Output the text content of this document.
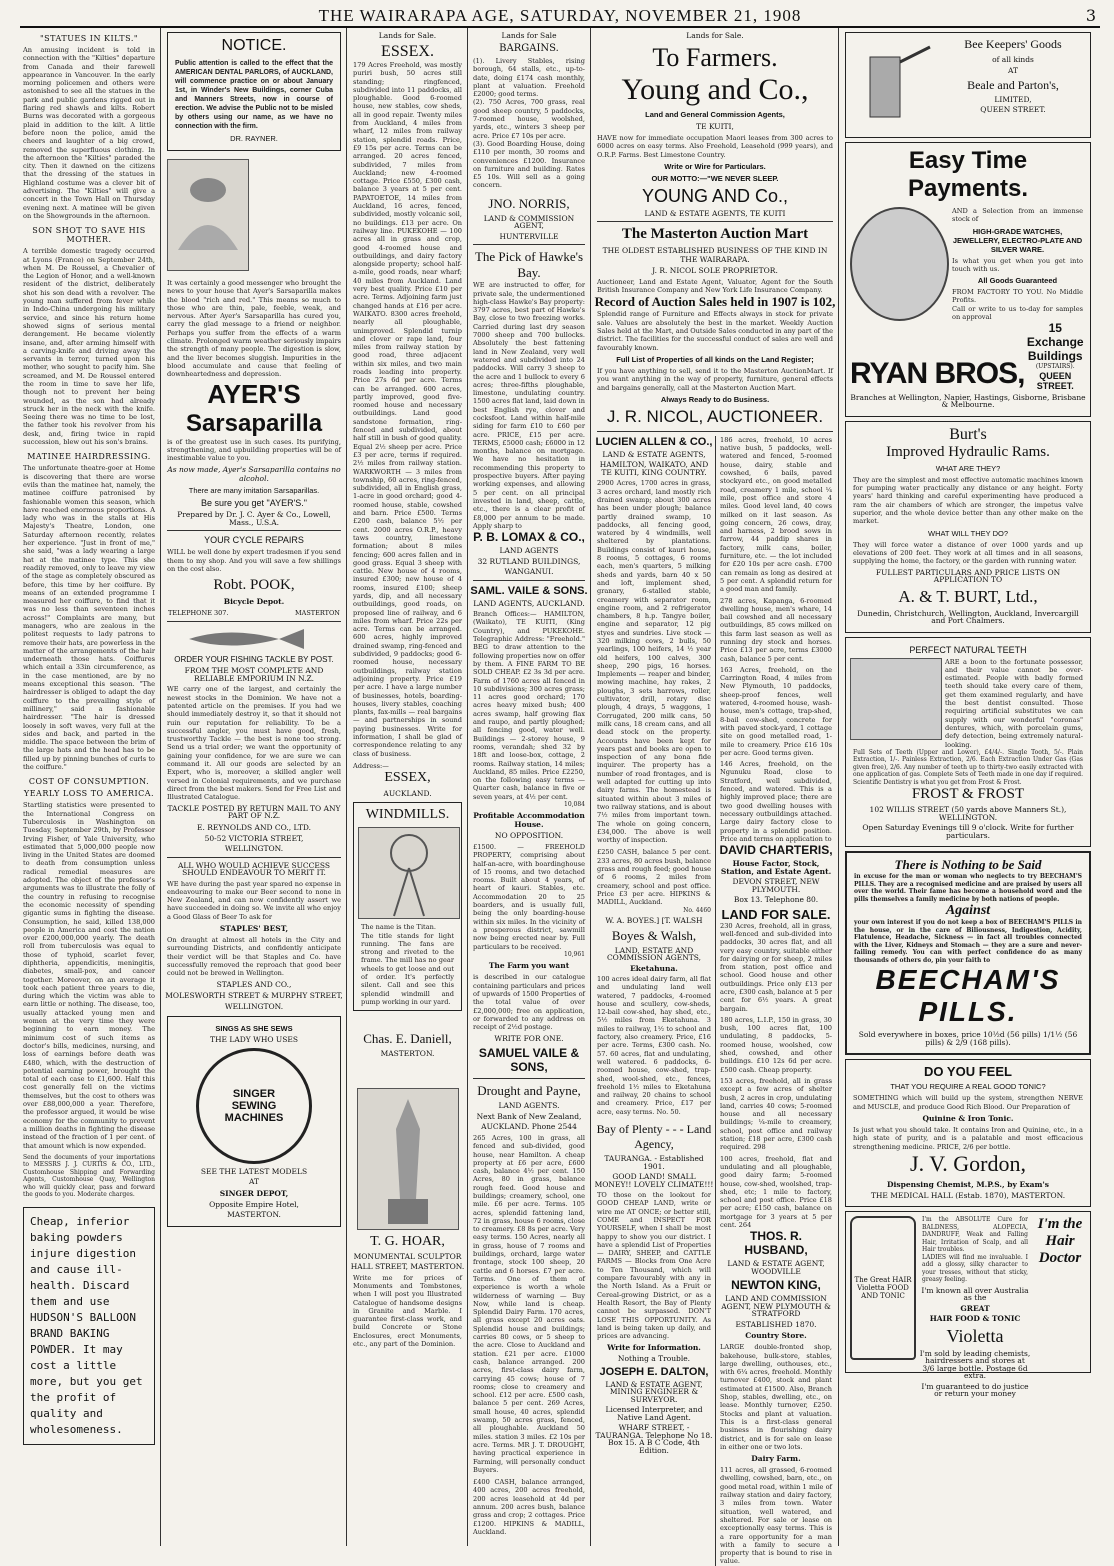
THE WAIRARAPA AGE, SATURDAY, NOVEMBER 21, 1908	3
"STATUES IN KILTS."
An amusing incident is told in connection with the "Kilties" departure from Canada and their farewell appearance in Vancouver. In the early morning policemen and others were astonished to see all the statues in the park and public gardens rigged out in flaring red shawls and kilts. Robert Burns was decorated with a gorgeous plaid in addition to the kilt. A little before noon the police, amid the cheers and laughter of a big crowd, removed the superfluous clothing. In the afternoon the "Kilties" paraded the city. Then it dawned on the citizens that the dressing of the statues in Highland costume was a clever bit of advertising. The "Kilties" will give a concert in the Town Hall on Thursday evening next. A matinee will be given on the Showgrounds in the afternoon.
SON SHOT TO SAVE HIS MOTHER.
A terrible domestic tragedy occurred at Lyons (France) on September 24th, when M. De Roussel, a Chevalier of the Legion of Honor, and a well-known resident of the district, deliberately shot his son dead with a revolver. The young man suffered from fever while in Indo-China undergoing his military service, and since his return home showed signs of serious mental derangement. He became violently insane, and, after arming himself with a carving-knife and driving away the servants in terror, turned upon his mother, who sought to pacify him. She screamed, and M. De Roussel entered the room in time to save her life, though not to prevent her being wounded, as the son had already struck her in the neck with the knife. Seeing there was no time to be lost, the father took his revolver from his desk, and, firing twice in rapid succession, blew out his son's brains.
MATINEE HAIRDRESSING.
The unfortunate theatre-goer at Home is discovering that there are worse evils than the matinee hat, namely, the matinee coiffure patronised by fashionable women this season, which have reached enormous proportions. A lady who was in the stalls at His Majesty's Theatre, London, one Saturday afternoon recently, relates her experience. "Just in front of me," she said, "was a lady wearing a large hat at the matinee type. This she readily removed, only to leave my view of the stage as completely obscured as before, this time by her coiffure. By means of an extended programme I measured her coiffure, to find that it was no less than seventeen inches across!" Complaints are many, but managers, who are zealous in the politest requests to lady patrons to remove their hats, are powerless in the matter of the arrangements of the hair underneath those hats. Coiffures which entail a 33in circumference, as in the case mentioned, are by no means exceptional this season. "The hairdresser is obliged to adapt the day coiffure to the prevailing style of millinery," said a fashionable hairdresser. "The hair is dressed loosely in soft waves, very full at the sides and back, and parted in the middle. The space between the brim of the large hats and the head has to be filled up by pinning bunches of curls to the coiffure."
COST OF CONSUMPTION.
YEARLY LOSS TO AMERICA.
Startling statistics were presented to the International Congress on Tuberculosis in Washington on Tuesday, September 29th, by Professor Irving Fisher, of Yale University, who estimated that 5,000,000 people now living in the United States are doomed to death from consumption unless radical remedial measures are adopted. The object of the professor's arguments was to illustrate the folly of the country in refusing to recognise the economic necessity of spending gigantic sums in fighting the disease. Consumption, he said, killed 138,000 people in America and cost the nation over £200,000,000 yearly. The death roll from tuberculosis was equal to those of typhoid, scarlet fever, diphtheria, appendicitis, meningitis, diabetes, small-pox, and cancer together. Moreover, on an average it took each patient three years to die, during which the victim was able to earn little or nothing. The disease, too, usually attacked young men and women at the very time they were beginning to earn money. The minimum cost of such items as doctor's bills, medicines, nursing, and loss of earnings before death was £480, which, with the destruction of potential earning power, brought the total of each case to £1,600. Half this cost generally fell on the victims themselves, but the cost to others was over £88,000,000 a year. Therefore, the professor argued, it would be wise economy for the community to prevent a million deaths in fighting the disease instead of the fraction of 1 per cent. of that amount which is now expended.
Send the documents of your importations to MESSRS J. J. CURTIS & CO., LTD., Customhouse Shipping and Forwarding Agents, Customhouse Quay, Wellington who will quickly clear, pass and forward the goods to you. Moderate charges.
Cheap, inferior baking powders injure digestion and cause ill-health. Discard them and use HUDSON'S BALLOON BRAND BAKING POWDER. It may cost a little more, but you get the profit of quality and wholesomeness.
NOTICE.
Public attention is called to the effect that the AMERICAN DENTAL PARLORS, of AUCKLAND, will commence practice on or about January 1st, in Winder's New Buildings, corner Cuba and Manners Streets, now in course of erection. We advise the Public not to be misled by others using our name, as we have no connection with the firm.
DR. RAYNER.
It was certainly a good messenger who brought the news to your house that Ayer's Sarsaparilla makes the blood "rich and red." This means so much to those who are thin, pale, feeble, weak, and nervous. After Ayer's Sarsaparilla has cured you, carry the glad message to a friend or neighbor. Perhaps you suffer from the effects of a warm climate. Prolonged warm weather seriously impairs the strength of many people. The digestion is slow, and the liver becomes sluggish. Impurities in the blood accumulate and cause that feeling of downheartedness and depression.
AYER'S
Sarsaparilla
is of the greatest use in such cases. Its purifying, strengthening, and upbuilding properties will be of inestimable value to you.
As now made, Ayer's Sarsaparilla contains no alcohol.
There are many imitation Sarsaparillas.
Be sure you get "AYER'S."
Prepared by Dr. J. C. Ayer & Co., Lowell, Mass., U.S.A.
YOUR CYCLE REPAIRS
WILL be well done by expert tradesmen if you send them to my shop. And you will save a few shillings on the cost also.
Robt. POOK,
Bicycle Depot.
TELEPHONE 307.	MASTERTON
ORDER YOUR FISHING TACKLE BY POST.
FROM THE MOST COMPLETE AND RELIABLE EMPORIUM IN N.Z.
WE carry one of the largest, and certainly the newest stocks in the Dominion. We have not a patented article on the premises. If you had we should immediately destroy it, so that it should not ruin our reputation for reliability. To be a successful angler, you must have good, fresh, trustworthy Tackle — the best is none too strong. Send us a trial order; we want the opportunity of gaining your confidence, for we are sure we can command it. All our goods are selected by an Expert, who is, moreover, a skilled angler well versed in Colonial requirements, and we purchase direct from the best makers. Send for Free List and Illustrated Catalogue.
TACKLE POSTED BY RETURN MAIL TO ANY PART OF N.Z.
E. REYNOLDS AND CO., LTD.
50-52 VICTORIA STREET,
WELLINGTON.
ALL WHO WOULD ACHIEVE SUCCESS SHOULD ENDEAVOUR TO MERIT IT.
WE have during the past year spared no expense in endeavouring to make our Beer second to none in New Zealand, and can now confidently assert we have succeeded in doing so. We invite all who enjoy a Good Glass of Beer To ask for
STAPLES' BEST,
On draught at almost all hotels in the City and surrounding Districts, and confidently anticipate their verdict will be that Staples and Co. have successfully removed the reproach that good beer could not be brewed in Wellington.
STAPLES AND CO.,
MOLESWORTH STREET & MURPHY STREET,
WELLINGTON.
SINGS AS SHE SEWS
THE LADY WHO USES
SINGER SEWING MACHINES
SEE THE LATEST MODELS
AT
SINGER DEPOT,
Opposite Empire Hotel,
MASTERTON.
Lands for Sale.
ESSEX.
179 Acres Freehold, was mostly puriri bush, 50 acres still standing; ringfenced, subdivided into 11 paddocks, all ploughable. Good 6-roomed house, new stables, cow sheds, all in good repair. Twenty miles from Auckland, 4 miles from wharf, 12 miles from railway station, splendid roads. Price, £9 15s per acre. Terms can be arranged. 20 acres fenced, subdivided, 7 miles from Auckland; new 4-roomed cottage. Price £550, £300 cash, balance 3 years at 5 per cent. PAPATOETOE, 14 miles from Auckland, 16 acres, fenced, subdivided, mostly volcanic soil, no buildings. £13 per acre. On railway line. PUKEKOHE — 100 acres all in grass and crop, good 4-roomed house and outbuildings, and dairy factory alongside property; school half-a-mile, good roads, near wharf; 40 miles from Auckland. Land very best quality. Price £10 per acre. Terms. Adjoining farm just changed hands at £16 per acre. WAIKATO. 8300 acres freehold, nearly all ploughable, unimproved. Splendid turnip and clover or rape land, four miles from railway station by good road, three adjacent within six miles, and two main roads leading into property. Price 27s 6d per acre. Terms can be arranged. 600 acres, partly improved, good five-roomed house and necessary outbuildings. Land good sandstone formation, ring-fenced and subdivided, about half still in bush of good quality. Equal 2½ sheep per acre. Price £3 per acre, terms if required. 2½ miles from railway station. WARKWORTH — 3 miles from township, 60 acres, ring-fenced, subdivided, all in English grass, 1-acre in good orchard; good 4-roomed house, stable, cowshed and barn. Price £500. Terms £200 cash, balance 5½ per cent. 2000 acres O.R.P., heavy taws country, limestone formation; about 8 miles fencing; 600 acres fallen and in good grass. Equal 3 sheep with cattle. New house of 4 rooms, insured £300; new house of 4 rooms, insured £100; sheep yards, dip, and all necessary outbuildings, good roads, on proposed line of railway, and 6 miles from wharf. Price 22s per acre. Terms can be arranged. 600 acres, highly improved drained swamp, ring-fenced and subdivided, 9 paddocks; good 6-roomed house, necessary outbuildings, railway station adjoining property. Price £19 per acre. I have a large number of businesses, hotels, boarding-houses, livery stables, coaching plants, fax-mills — real bargains — and partnerships in sound paying businesses. Write for information, I shall be glad of correspondence relating to any class of business.
Address:—
ESSEX,
AUCKLAND.
WINDMILLS.
The name is the Titan.
The title stands for light running. The fans are strong and riveted to the frame. The mill has no gear wheels to get loose and out of order. It's perfectly silent. Call and see this splendid windmill and pump working in our yard.
Chas. E. Daniell,
MASTERTON.
T. G. HOAR,
MONUMENTAL SCULPTOR
HALL STREET, MASTERTON.
Write me for prices of Monuments and Tombstones, when I will post you Illustrated Catalogue of handsome designs in Granite and Marble. I guarantee first-class work, and build Concrete or Stone Enclosures, erect Monuments, etc., any part of the Dominion.
Lands for Sale
BARGAINS.
(1). Livery Stables, rising borough, 64 stalls, etc., up-to-date, doing £174 cash monthly, plant at valuation. Freehold £2000; good terms.
(2). 750 Acres, 700 grass, real good sheep country, 5 paddocks, 7-roomed house, woolshed, yards, etc., winters 3 sheep per acre. Price £7 10s per acre.
(3). Good Boarding House, doing £110 per month, 30 rooms and conveniences £1200. Insurance on furniture and building. Rates £5 10s. Will sell as a going concern.
JNO. NORRIS,
LAND & COMMISSION AGENT,
HUNTERVILLE
The Pick of Hawke's Bay.
WE are instructed to offer, for private sale, the undermentioned high-class Hawke's Bay property: 3797 acres, best part of Hawke's Bay, close to two freezing works. Carried during last dry season 7000 sheep and 700 bullocks. Absolutely the best fattening land in New Zealand, very well watered and subdivided into 24 paddocks. Will carry 3 sheep to the acre and 1 bullock to every 6 acres; three-fifths ploughable, limestone, undulating country. 1500 acres flat land, laid down in best English rye, clover and cocksfoot. Land within half-mile siding for farm £10 to £60 per acre. PRICE, £15 per acre. TERMS, £5000 cash; £6000 in 12 months, balance on mortgage. We have no hesitation in recommending this property to prospective buyers. After paying working expenses, and allowing 5 per cent. on all principal invested in land, sheep, cattle, etc., there is a clear profit of £8,000 per annum to be made. Apply sharp to
P. B. LOMAX & CO.,
LAND AGENTS
32 RUTLAND BUILDINGS,
WANGANUI.
SAML. VAILE & SONS.
LAND AGENTS, AUCKLAND.
Branch Offices:— HAMILTON, (Waikato), TE KUITI, (King Country), and PUKEKOHE. Telegraphic Address: "Freehold." BEG to draw attention to the following properties now on offer by them. A FINE FARM TO BE SOLD CHEAP. £2 3s 3d per acre. Farm of 1760 acres all fenced in 10 subdivisions; 300 acres grass; 11 acres good orchard; 170 acres heavy mixed bush; 400 acres swamp, half growing flax and raupo, and partly ploughed; all fencing good, water well. Buildings — 2-storey house, 9 rooms, verandah; shed 32 by 18ft and loose-box, cottage, 2 rooms. Railway station, 14 miles; Auckland, 85 miles. Price £2250, on the following easy terms — Quarter cash, balance in five or seven years, at 4½ per cent.
10,084
Profitable Accommodation House.
NO OPPOSITION.
£1500. — FREEHOLD PROPERTY, comprising about half-an-acre, with boardinghouse of 15 rooms, and two detached rooms. Built about 4 years, of heart of kauri. Stables, etc. Accommodation 20 to 25 boarders, and is usually full, being the only boarding-house within six miles. In the vicinity of a prosperous district, sawmill now being erected near by. Full particulars to be received.
10,961
The Farm you want
is described in our catalogue containing particulars and prices of upwards of 1500 Properties of the total value of over £2,000,000; free on application, or forwarded to any address on receipt of 2½d postage.
WRITE FOR ONE.
SAMUEL VAILE & SONS,
Drought and Payne,
LAND AGENTS.
Next Bank of New Zealand,
AUCKLAND. Phone 2544
265 Acres, 100 in grass, all fenced and sub-divided, good house, near Hamilton. A cheap property at £6 per acre, £600 cash, balance 4½ per cent. 150 Acres, 80 in grass, balance rough feed. Good house and buildings; creamery, school, one mile. £6 per acre. Terms. 105 acres, splendid fattening land, 72 in grass, house 6 rooms, close to creamery. £8 8s per acre. Very easy terms. 150 Acres, nearly all in grass, house of 7 rooms and buildings, orchard, large water frontage, stock 100 sheep, 20 cattle and 6 horses. £7 per acre. Terms. One of them of experience is worth a whole wilderness of warning — Buy Now, while land is cheap. Splendid Dairy Farm. 170 acres, all grass except 20 acres oats. Splendid house and buildings; carries 80 cows, or 5 sheep to the acre. Close to Auckland and station. £21 per acre. £1000 cash, balance arranged. 200 acres, first-class dairy farm, carrying 45 cows; house of 7 rooms; close to creamery and school. £12 per acre. £500 cash, balance 5 per cent. 269 Acres, small house, 40 acres, splendid swamp, 50 acres grass, fenced, all ploughable. Auckland 50 miles. station 3 miles. £2 10s per acre. Terms. MR J. T. DROUGHT, having practical experience in Farming, will personally conduct Buyers.
£400 CASH, balance arranged, 400 acres, 200 acres freehold, 200 acres leasehold at 4d per annum. 200 acres bush, balance grass and crop; 2 cottages. Price £1200. HIPKINS & MADILL, Auckland.
Lands for Sale.
To Farmers.
Young and Co.,
Land and General Commission Agents,
TE KUITI,
HAVE now for immediate occupation Maori leases from 300 acres to 6000 acres on easy terms. Also Freehold, Leasehold (999 years), and O.R.P. Farms. Best Limestone Country.
Write or Wire for Particulars.
OUR MOTTO:—"WE NEVER SLEEP.
YOUNG AND Co.,
LAND & ESTATE AGENTS, TE KUITI
The Masterton Auction Mart
THE OLDEST ESTABLISHED BUSINESS OF THE KIND IN THE WAIRARAPA.
J. R. NICOL SOLE PROPRIETOR.
Auctioneer, Land and Estate Agent, Valuator, Agent for the South British Insurance Company and New York Life Insurance Company.
Record of Auction Sales held in 1907 is 102,
Splendid range of Furniture and Effects always in stock for private sale. Values are absolutely the best in the market. Weekly Auction Sales held at the Mart, and Outside Sales conducted in any part of the district. The facilities for the successful conduct of sales are well and favourably known.
Full List of Properties of all kinds on the Land Register;
If you have anything to sell, send it to the Masterton AuctionMart. If you want anything in the way of property, furniture, general effects and bargains generally, call at the Masterton Auction Mart.
Always Ready to do Business.
J. R. NICOL, AUCTIONEER.
LUCIEN ALLEN & CO.,
LAND & ESTATE AGENTS,
HAMILTON, WAIKATO, AND TE KUITI, KING COUNTRY.
2900 Acres, 1700 acres in grass, 3 acres orchard, land mostly rich drained swamp; about 300 acres has been under plough; balance partly drained swamp, 10 paddocks, all fencing good, watered by 4 windmills, well sheltered by plantations. Buildings consist of kauri house, 8 rooms, 5 cottages, 6 rooms each, men's quarters, 5 milking sheds and yards, barn 40 x 50 and loft, implement shed, granary, 6-stalled stable, creamery with separator room, engine room, and 2 refrigerator chambers, 8 h.p. Tangye boiler, engine and separator, 12 pig styes and sundries. Live stock — 320 milking cows, 2 bulls, 50 yearlings, 100 heifers, 14 ½ year old heifers, 100 calves, 300 sheep, 290 pigs, 16 horses. Implements — reaper and binder, mowing machine, hay rakes, 2 ploughs, 3 sets harrows, roller, cultivator, drill, rotary disc plough, 4 drays, 5 waggons, 1 Corrugated, 200 milk cans, 50 milk cans, 18 cream cans, and all dead stock on the property. Accounts have been kept for years past and books are open to inspection of any bona fide inquirer. The property has a number of road frontages, and is well adapted for cutting up into dairy farms. The homestead is situated within about 3 miles of two railway stations, and is about 7½ miles from important town. The whole on going concern, £34,000. The above is well worthy of inspection.
£250 CASH, balance 5 per cent. 233 acres, 80 acres bush, balance grass and rough feed; good house of 6 rooms, 2 miles from creamery, school and post office. Price £3 per acre. HIPKINS & MADILL, Auckland.
No. 4460
W. A. BOYES.] [T. WALSH
Boyes & Walsh,
LAND, ESTATE AND COMMISSION AGENTS,
Eketahuna.
100 acres ideal dairy farm, all flat and undulating land well watered, 7 paddocks, 4-roomed house and scullery, cow-sheds, 12-bail cow-shed, hay shed, etc., 5½ miles from Eketahuna. 3 miles to railway, 1½ to school and factory, also creamery. Price, £16 per acre. Terms, £300 cash. No. 57. 60 acres, flat and undulating, well watered. 6 paddocks, 6-roomed house, cow-shed, trap-shed, wool-shed, etc., fences, freehold 1½ miles to Eketahuna and railway, 20 chains to school and creamery. Price, £17 per acre, easy terms. No. 50.
Bay of Plenty - - - Land Agency,
TAURANGA. - Established 1901.
GOOD LAND! SMALL MONEY!! LOVELY CLIMATE!!!
TO those on the lookout for GOOD CHEAP LAND, write or wire me AT ONCE; or better still, COME and INSPECT FOR YOURSELF, when I shall be most happy to show you our district. I have a splendid List of Properties — DAIRY, SHEEP, and CATTLE FARMS — Blocks from One Acre to Ten Thousand, which will compare favourably with any in the North Island. As a Fruit or Cereal-growing District, or as a Health Resort, the Bay of Plenty cannot be surpassed. DON'T LOSE THIS OPPORTUNITY. As land is being taken up daily, and prices are advancing.
Write for Information.
Nothing a Trouble.
JOSEPH E. DALTON,
LAND & ESTATE AGENT, MINING ENGINEER & SURVEYOR.
Licensed Interpreter, and Native Land Agent.
WHARF STREET, - TAURANGA. Telephone No 18. Box 15. A B C Code, 4th Edition.
186 acres, freehold, 10 acres native bush, 5 paddocks, well-watered and fenced, 5-roomed house, dairy, stable and cowshed, 6 bails, paved stockyard etc., on good metalled road, creamery 1 mile, school ¼ mile, post office and store 4 miles. Good level land, 40 cows milked on it last season. As going concern, 26 cows, dray, and harness, 2 brood sows in farrow, 44 paddip shares in factory, milk cans, boiler, furniture, etc. — the lot included for £20 10s per acre cash. £700 can remain as long as desired at 5 per cent. A splendid return for a good man and family.
278 acres, Kapanga, 6-roomed dwelling house, men's whare, 14 bail cowshed and all necessary outbuildings, 85 cows milked on this farm last season as well as running dry stock and horses. Price £13 per acre, terms £3000 cash, balance 5 per cent.
163 Acres, freehold, on the Carrington Road, 4 miles from New Plymouth, 10 paddocks, sheep-proof fences, well watered, 4-roomed house, wash-house, men's cottage, trap-shed, 8-bail cow-shed, concrete for with paved stock-yard, 1 cottage site on good metalled road, 1-mile to creamery. Price £16 10s per acre. Good terms given.
146 Acres, freehold, on the Ngunuku Road, close to Stratford, well subdivided, fenced, and watered. This is a highly improved place; there are two good dwelling houses with necessary outbuildings attached. Large dairy factory close to property in a splendid position. Price and terms on application to
DAVID CHARTERIS,
House Factor, Stock, Station, and Estate Agent.
DEVON STREET, NEW PLYMOUTH.
Box 13. Telephone 80.
LAND FOR SALE.
230 Acres, freehold, all in grass, well-fenced and sub-divided into paddocks, 30 acres flat, and all very easy country, suitable either for dairying or for sheep, 2 miles from station, post office and school. Good house and other outbuildings. Price only £13 per acre, £300 cash, balance at 5 per cent for 6½ years. A great bargain.
180 acres, L.I.P., 150 in grass, 30 bush, 100 acres flat, 100 undulating, 8 paddocks, 5-roomed house, woolshed, cow shed, cowshed, and other buildings. £10 12s 6d per acre. £500 cash. Cheap property.
153 acres, freehold, all in grass except a few acres of shelter bush, 2 acres in crop, undulating land, carries 40 cows; 5-roomed house and all necessary buildings; ¼-mile to creamery, school, post office and railway station; £18 per acre, £300 cash required. 298
100 acres, freehold, flat and undulating and all ploughable, good dairy farm; 5-roomed house, cow-shed, woolshed, trap-shed, etc; 1 mile to factory, school and post office. Price £18 per acre; £150 cash, balance on mortgage for 3 years at 5 per cent. 264
THOS. R. HUSBAND,
LAND & ESTATE AGENT, WOODVILLE
NEWTON KING,
LAND AND COMMISSION AGENT, NEW PLYMOUTH & STRATFORD
ESTABLISHED 1870.
Country Store.
LARGE double-fronted shop, bakehouse, bulk-store, stables, large dwelling, outhouses, etc., with 6¼ acres, freehold. Monthly turnover £400, stock and plant estimated at £1500. Also, Branch Shop, stables, dwelling, etc., on lease. Monthly turnover, £250. Stocks and plant at valuation. This is a first-class general business in flourishing dairy district, and is for sale on lease in either one or two lots.
Dairy Farm.
111 acres, all grassed, 6-roomed dwelling, cowshed, barn, etc., on good metal road, within 1 mile of railway station and dairy factory, 3 miles from town. Water situation, well watered, and sheltered. For sale or lease on exceptionally easy terms. This is a rare opportunity for a man with a family to secure a property that is bound to rise in value.
Bee Keepers' Goods
of all kinds
AT
Beale and Parton's,
LIMITED,
QUEEN STREET.
Easy Time Payments.
AND a Selection from an immense stock of
HIGH-GRADE WATCHES, JEWELLERY, ELECTRO-PLATE AND SILVER WARE.
Is what you get when you get into touch with us.
All Goods Guaranteed
FROM FACTORY TO YOU. No Middle Profits.
Call or write to us to-day for samples on approval
RYAN BROS,
15 Exchange Buildings
(UPSTAIRS).
QUEEN STREET.
Branches at Wellington, Napier, Hastings, Gisborne, Brisbane & Melbourne.
Burt's
Improved Hydraulic Rams.
WHAT ARE THEY?
They are the simplest and most effective automatic machines known for pumping water practically any distance or any height. Forty years' hard thinking and careful experimenting have produced a ram the air chambers of which are stronger, the impetus valve superior, and the whole device better than any other make on the market.
WHAT WILL THEY DO?
They will force water a distance of over 1000 yards and up elevations of 200 feet. They work at all times and in all seasons, supplying the home, the factory, or the garden with running water.
FULLEST PARTICULARS AND PRICE LISTS ON APPLICATION TO
A. & T. BURT, Ltd.,
Dunedin, Christchurch, Wellington, Auckland, Invercargill and Port Chalmers.
PERFECT NATURAL TEETH
ARE a boon to the fortunate possessor, and their value cannot be over-estimated. People with badly formed teeth should take every care of them, get them examined regularly, and have the best dentist consulted. Those requiring artificial substitutes we can supply with our wonderful "coronas" dentures, which, with porcelain gums, defy detection, being extremely natural-looking.
Full Sets of Teeth (Upper and Lower), £4/4/-. Single Tooth, 5/-. Plain Extraction, 1/-. Painless Extraction, 2/6. Each Extraction Under Gas (Gas given free), 2/6. Any number of teeth up to thirty-two easily extracted with one application of gas. Complete Sets of Teeth made in one day if required. Scientific Dentistry is what you get from Frost & Frost.
FROST & FROST
102 WILLIS STREET (50 yards above Manners St.), WELLINGTON.
Open Saturday Evenings till 9 o'clock. Write for further particulars.
There is Nothing to be Said
in excuse for the man or woman who neglects to try BEECHAM'S PILLS. They are a recognised medicine and are praised by users all over the world. Their fame has become a household word and the pills themselves a family medicine by both nations of people.
Against
your own interest if you do not keep a box of BEECHAM'S PILLS in the house, or in the care of Biliousness, Indigestion, Acidity, Flatulence, Headache, Sickness — in fact all troubles connected with the Liver, Kidneys and Stomach — they are a sure and never-failing remedy. You can with perfect confidence do as many thousands of others do, pin your faith to
BEECHAM'S PILLS.
Sold everywhere in boxes, price 10½d (56 pills) 1/1½ (56 pills) & 2/9 (168 pills).
DO YOU FEEL
THAT YOU REQUIRE A REAL GOOD TONIC?
SOMETHING which will build up the system, strengthen NERVE and MUSCLE, and produce Good Rich Blood. Our Preparation of
Quinine & Iron Tonic.
Is just what you should take. It contains Iron and Quinine, etc., in a high state of purity, and is a palatable and most efficacious strengthening medicine. PRICE, 2/6 per bottle.
J. V. Gordon,
Dispensing Chemist, M.P.S., by Exam's
THE MEDICAL HALL (Estab. 1870), MASTERTON.
The Great HAIR Violetta FOOD AND TONIC
I'm the ABSOLUTE Cure for BALDNESS, ALOPECIA, DANDRUFF, Weak and Falling Hair, Irritation of Scalp, and all Hair troubles.
LADIES will find me invaluable. I add a glossy, silky character to your tresses, without that sticky, greasy feeling.
I'm known all over Australia as the
GREAT
HAIR FOOD & TONIC
Violetta
I'm sold by leading chemists, hairdressers and stores at 3/6 large bottle. Postage 6d extra.
I'm guaranteed to do justice or return your money
I'm the Hair Doctor
